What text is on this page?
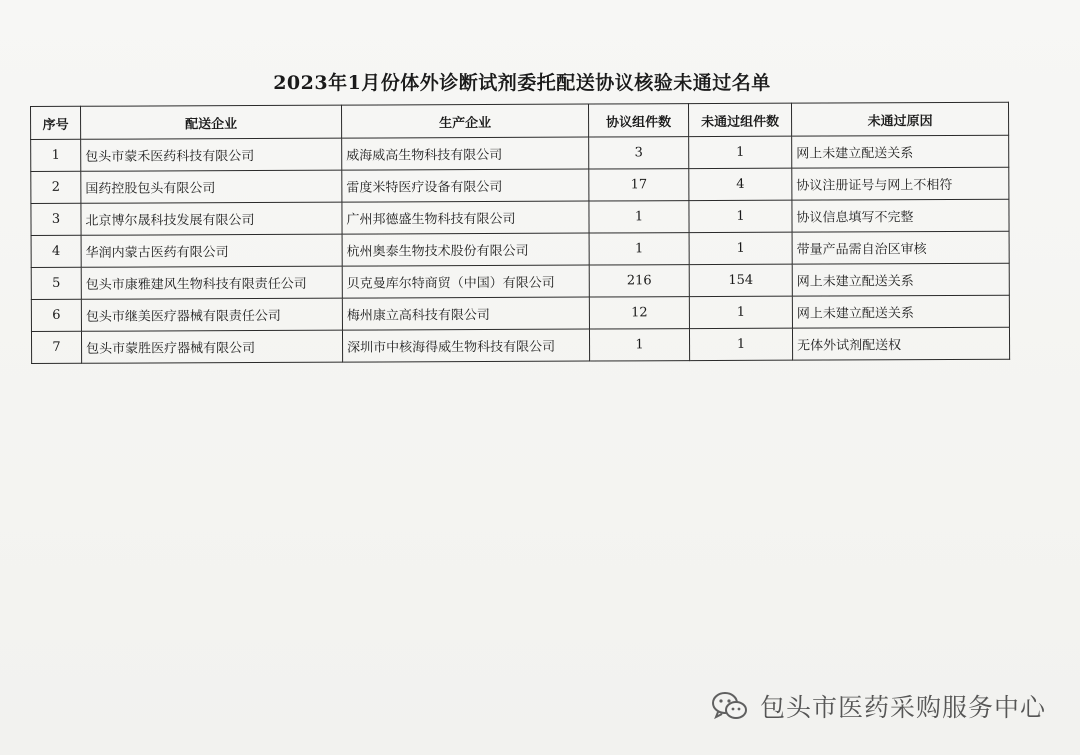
2023年1月份体外诊断试剂委托配送协议核验未通过名单
序号	配送企业	生产企业	协议组件数	未通过组件数	未通过原因
1	包头市蒙禾医药科技有限公司	威海威高生物科技有限公司	3	1	网上未建立配送关系
2	国药控股包头有限公司	雷度米特医疗设备有限公司	17	4	协议注册证号与网上不相符
3	北京博尔晟科技发展有限公司	广州邦德盛生物科技有限公司	1	1	协议信息填写不完整
4	华润内蒙古医药有限公司	杭州奥泰生物技术股份有限公司	1	1	带量产品需自治区审核
5	包头市康雅建风生物科技有限责任公司	贝克曼库尔特商贸（中国）有限公司	216	154	网上未建立配送关系
6	包头市继美医疗器械有限责任公司	梅州康立高科技有限公司	12	1	网上未建立配送关系
7	包头市蒙胜医疗器械有限公司	深圳市中核海得威生物科技有限公司	1	1	无体外试剂配送权
包头市医药采购服务中心
